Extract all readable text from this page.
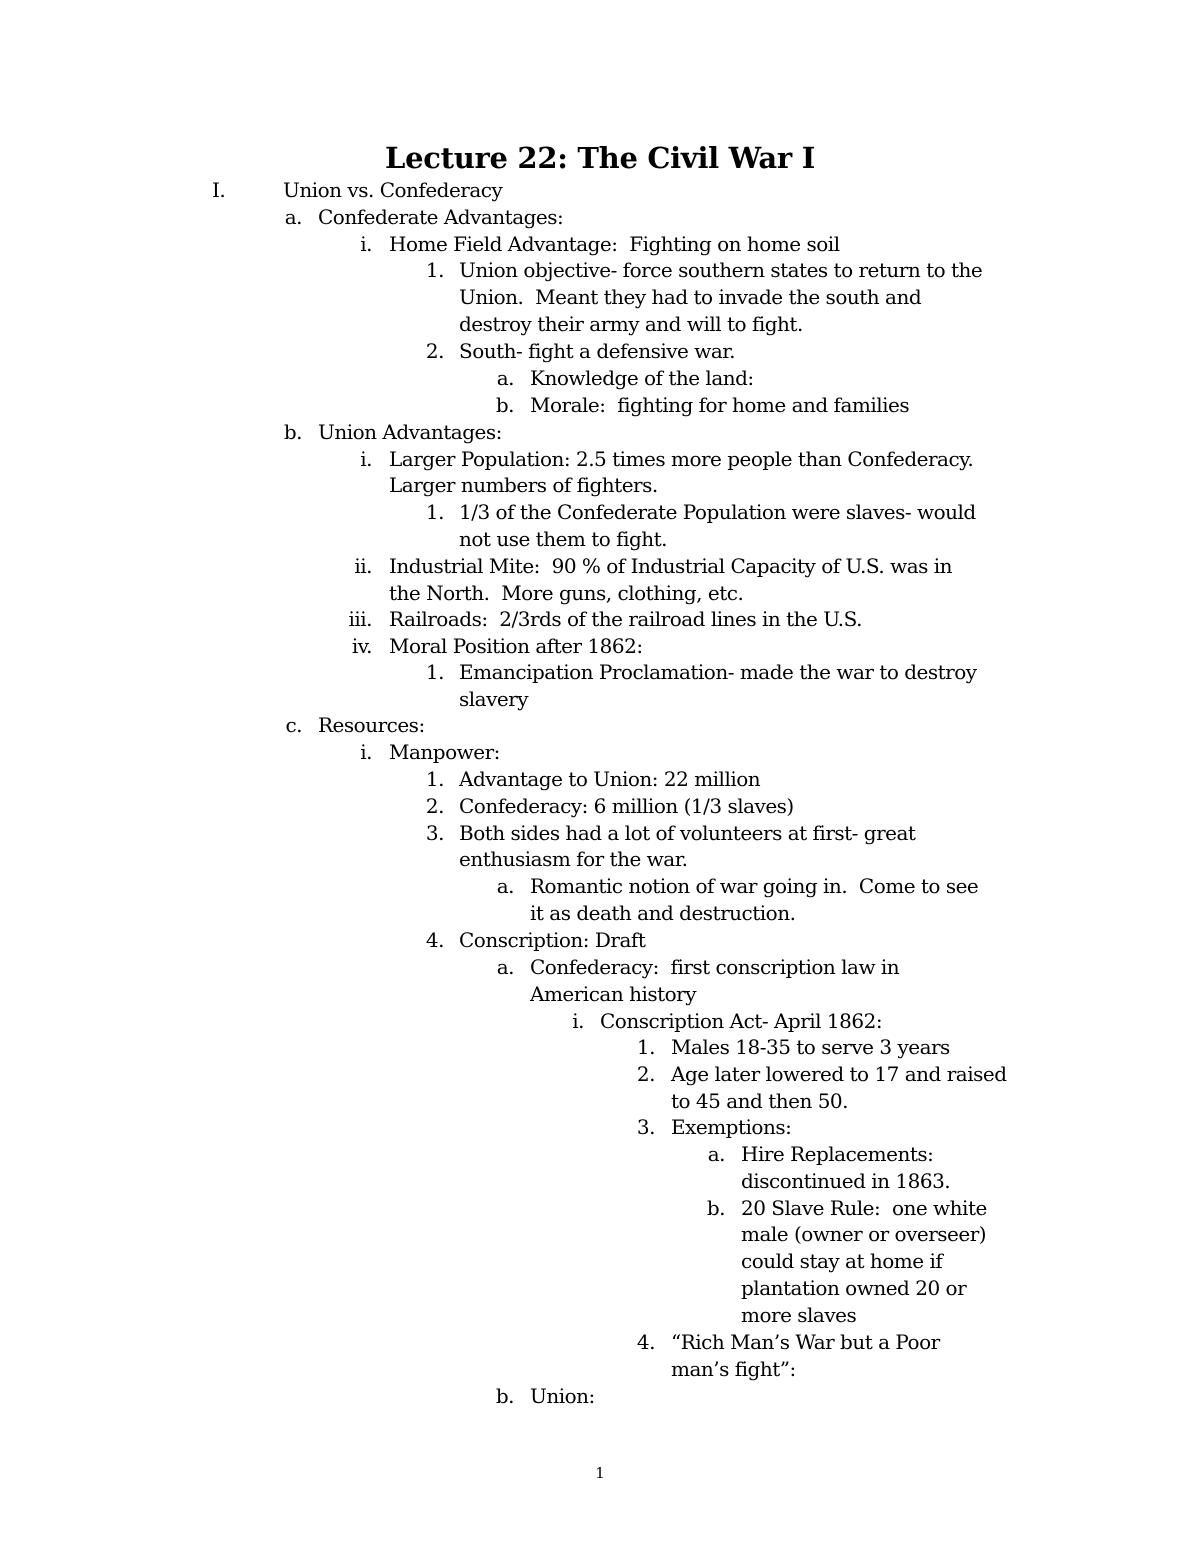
Lecture 22: The Civil War I
I.	Union vs. Confederacy
a. Confederate Advantages:
i. Home Field Advantage:  Fighting on home soil
1. Union objective- force southern states to return to the
Union.  Meant they had to invade the south and
destroy their army and will to fight.
2. South- fight a defensive war.
a. Knowledge of the land:
b. Morale:  fighting for home and families
b. Union Advantages:
i. Larger Population: 2.5 times more people than Confederacy.
Larger numbers of fighters.
1. 1/3 of the Confederate Population were slaves- would
not use them to fight.
ii. Industrial Mite:  90 % of Industrial Capacity of U.S. was in
the North.  More guns, clothing, etc.
iii. Railroads:  2/3rds of the railroad lines in the U.S.
iv. Moral Position after 1862:
1. Emancipation Proclamation- made the war to destroy
slavery
c. Resources:
i. Manpower:
1. Advantage to Union: 22 million
2. Confederacy: 6 million (1/3 slaves)
3. Both sides had a lot of volunteers at first- great
enthusiasm for the war.
a. Romantic notion of war going in.  Come to see
it as death and destruction.
4. Conscription: Draft
a. Confederacy:  first conscription law in
American history
i. Conscription Act- April 1862:
1. Males 18-35 to serve 3 years
2. Age later lowered to 17 and raised
to 45 and then 50.
3. Exemptions:
a. Hire Replacements:
discontinued in 1863.
b. 20 Slave Rule:  one white
male (owner or overseer)
could stay at home if
plantation owned 20 or
more slaves
4. “Rich Man’s War but a Poor
man’s fight”:
b. Union:
1
